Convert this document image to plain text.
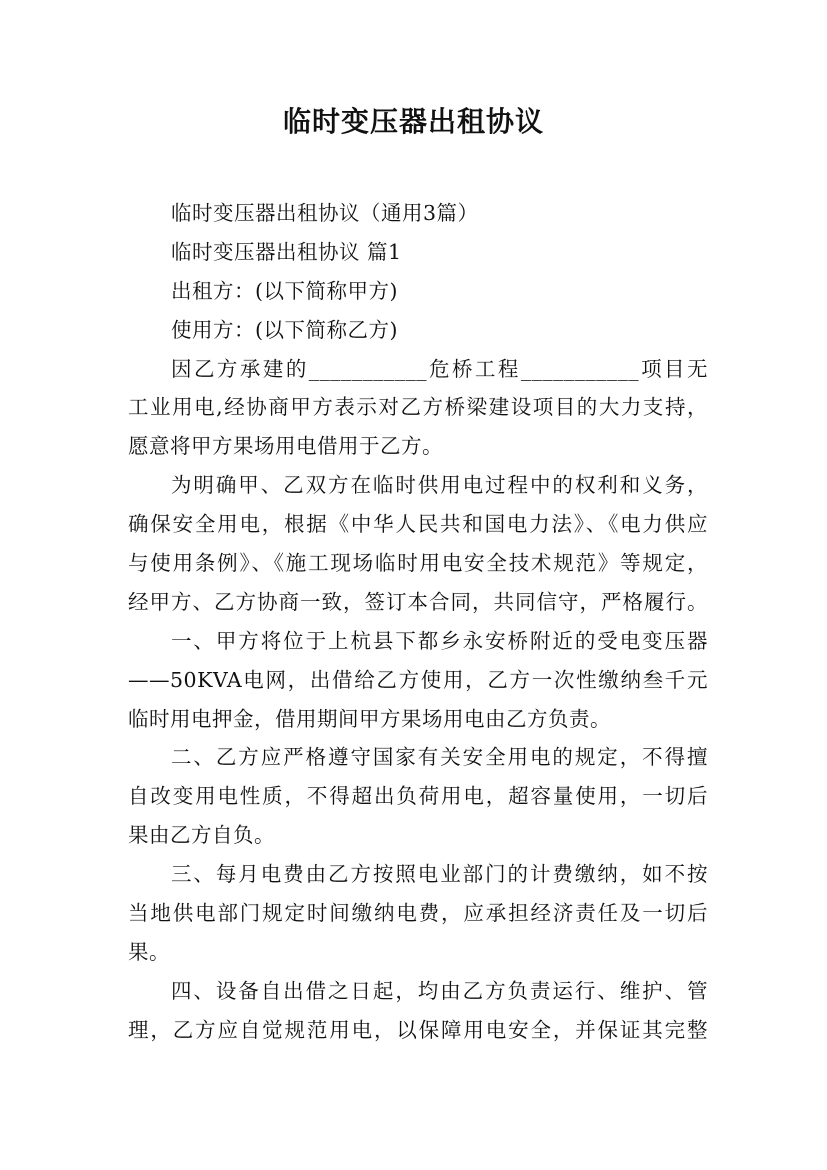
临时变压器出租协议
临时变压器出租协议（通用3篇）
临时变压器出租协议 篇1
出租方：(以下简称甲方)
使用方：(以下简称乙方)
因乙方承建的___________危桥工程___________项目无
工业用电,经协商甲方表示对乙方桥梁建设项目的大力支持，
愿意将甲方果场用电借用于乙方。
为明确甲、乙双方在临时供用电过程中的权利和义务，
确保安全用电，根据《中华人民共和国电力法》、《电力供应
与使用条例》、《施工现场临时用电安全技术规范》等规定，
经甲方、乙方协商一致，签订本合同，共同信守，严格履行。
一、甲方将位于上杭县下都乡永安桥附近的受电变压器
——50KVA电网，出借给乙方使用，乙方一次性缴纳叁千元
临时用电押金，借用期间甲方果场用电由乙方负责。
二、乙方应严格遵守国家有关安全用电的规定，不得擅
自改变用电性质，不得超出负荷用电，超容量使用，一切后
果由乙方自负。
三、每月电费由乙方按照电业部门的计费缴纳，如不按
当地供电部门规定时间缴纳电费，应承担经济责任及一切后
果。
四、设备自出借之日起，均由乙方负责运行、维护、管
理，乙方应自觉规范用电，以保障用电安全，并保证其完整
